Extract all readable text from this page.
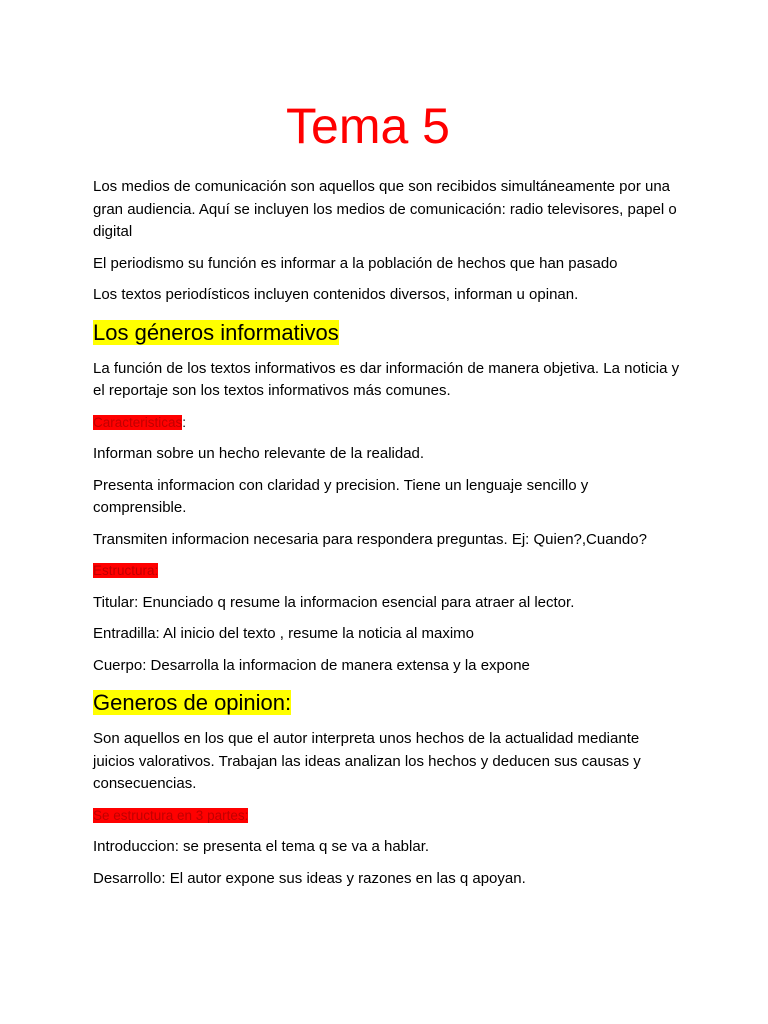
Tema 5

Los medios de comunicación son aquellos que son recibidos simultáneamente por una gran audiencia. Aquí se incluyen los medios de comunicación: radio televisores, papel o digital

El periodismo su función es informar a la población de hechos que han pasado

Los textos periodísticos incluyen contenidos diversos, informan u opinan.

Los géneros informativos

La función de los textos informativos es dar información de manera objetiva. La noticia y el reportaje son los textos informativos más comunes.

Caracteristicas:

Informan sobre un hecho relevante de la realidad.

Presenta informacion con claridad y precision. Tiene un lenguaje sencillo y comprensible.

Transmiten informacion necesaria para respondera preguntas. Ej: Quien?,Cuando?

Estructura:

Titular: Enunciado q resume la informacion esencial para atraer al lector.

Entradilla: Al inicio del texto , resume la noticia al maximo

Cuerpo: Desarrolla la informacion de manera extensa y la expone

Generos de opinion:

Son aquellos en los que el autor interpreta unos hechos de la actualidad mediante juicios valorativos. Trabajan las ideas analizan los hechos y deducen sus causas y consecuencias.

Se estructura en 3 partes:

Introduccion: se presenta el tema q se va a hablar.

Desarrollo: El autor expone sus ideas y razones en las q apoyan.
